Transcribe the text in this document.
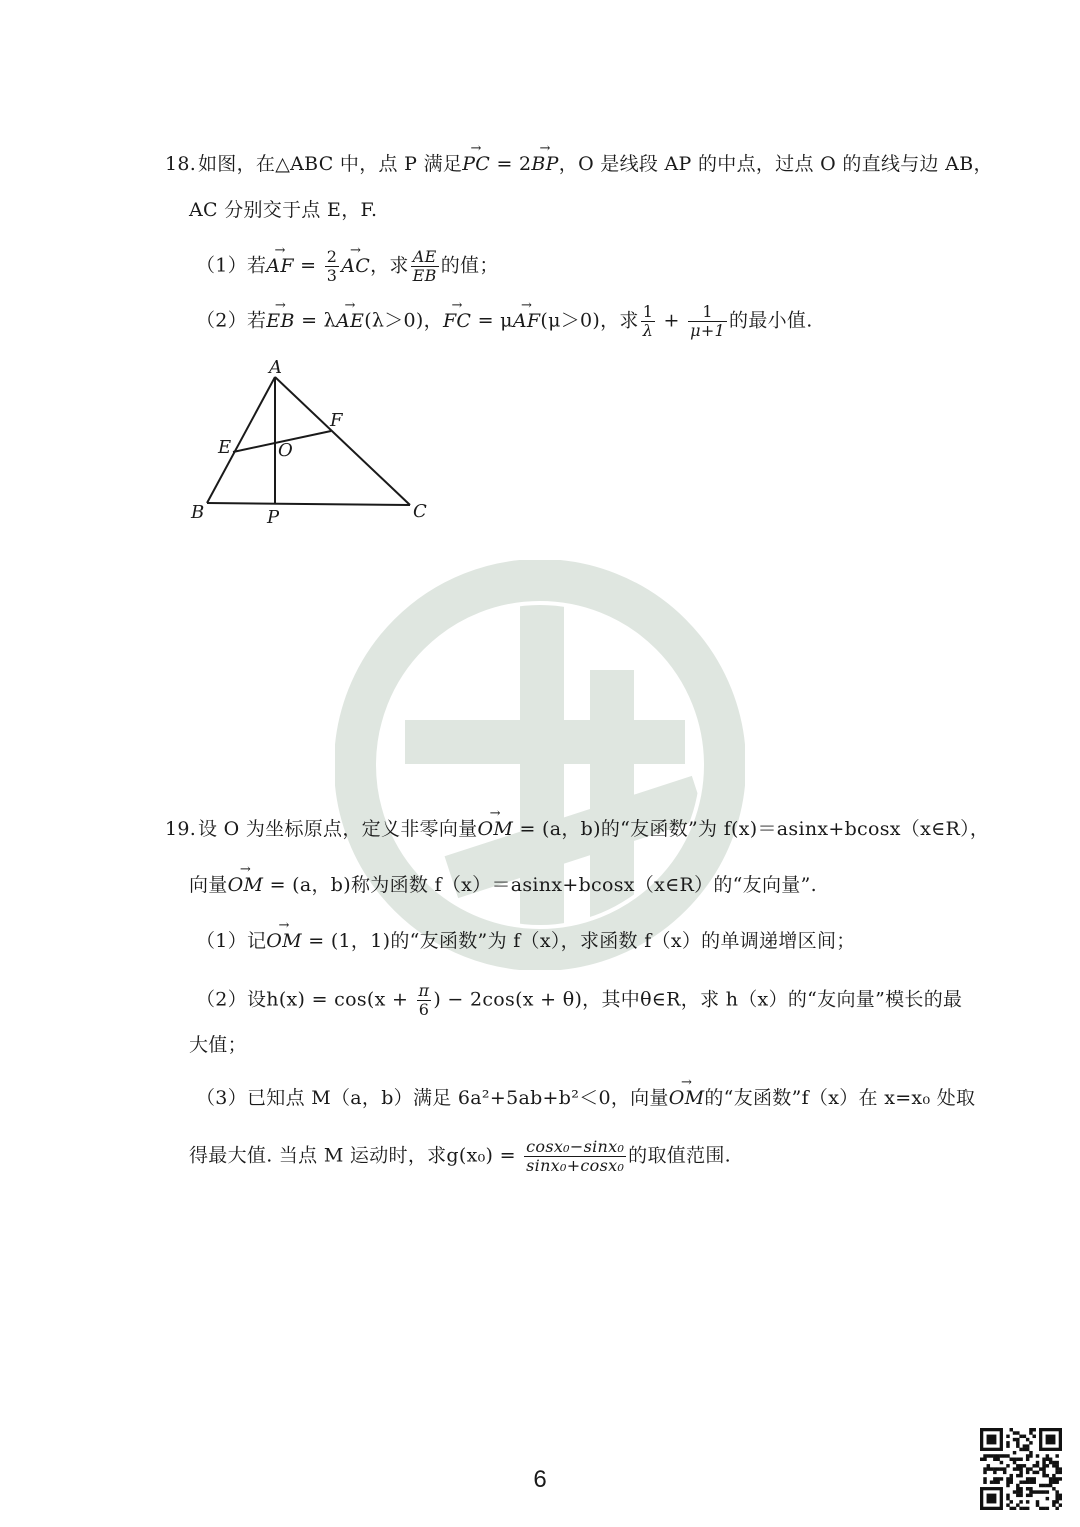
18. 如图，在△ABC 中，点 P 满足→ PC = 2→ BP，O 是线段 AP 的中点，过点 O 的直线与边 AB，
AC 分别交于点 E，F.
（1）若→ AF = $\frac{2}{3}$
→ AC，求 $\frac{AE}{EB}$ 的值；
（2）若→ EB = λ→ AE(λ＞0)，→ FC = μ→ AF(μ＞0)，求 $\frac{1}{\lambda} + \frac{1}{\mu+1}$ 的最小值.
A
B	C
E
F
O
P
19. 设 O 为坐标原点，定义非零向量→ OM = (a，b)的“友函数”为 f(x)＝asinx+bcosx（x∈R），
向量→ OM = (a，b)称为函数 f（x）＝asinx+bcosx（x∈R）的“友向量”.
（1）记→ OM = (1，1)的“友函数”为 f（x），求函数 f（x）的单调递增区间；
（2）设$h(x) = \cos(x + \frac{\pi}{6}$ ) − 2cos(x + θ)，其中θ∈R，求 h（x）的“友向量”模长的最
大值；
（3）已知点 M（a，b）满足 6a²+5ab+b²＜0，向量→ OM的“友函数”f（x）在 x=x₀ 处取
得最大值. 当点 M 运动时，求$g(x_0) = \frac{\text{cosx₀−sinx₀}}{\text{sinx₀+cosx₀}}$ 的取值范围.
6
